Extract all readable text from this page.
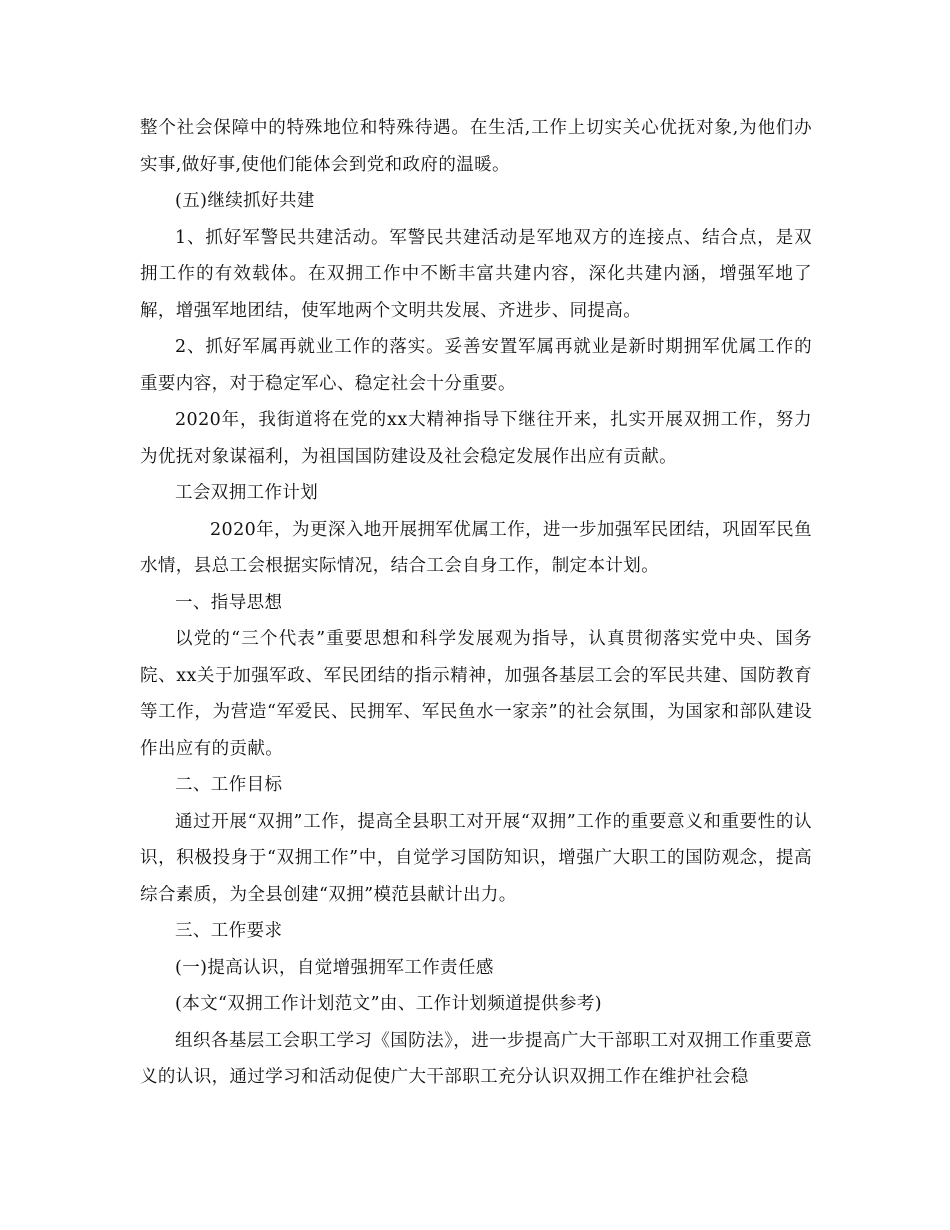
整个社会保障中的特殊地位和特殊待遇。在生活,工作上切实关心优抚对象,为他们办实事,做好事,使他们能体会到党和政府的温暖。

(五)继续抓好共建

1、抓好军警民共建活动。军警民共建活动是军地双方的连接点、结合点，是双拥工作的有效载体。在双拥工作中不断丰富共建内容，深化共建内涵，增强军地了解，增强军地团结，使军地两个文明共发展、齐进步、同提高。

2、抓好军属再就业工作的落实。妥善安置军属再就业是新时期拥军优属工作的重要内容，对于稳定军心、稳定社会十分重要。

2020年，我街道将在党的xx大精神指导下继往开来，扎实开展双拥工作，努力为优抚对象谋福利，为祖国国防建设及社会稳定发展作出应有贡献。

工会双拥工作计划

2020年，为更深入地开展拥军优属工作，进一步加强军民团结，巩固军民鱼水情，县总工会根据实际情况，结合工会自身工作，制定本计划。

一、指导思想

以党的“三个代表”重要思想和科学发展观为指导，认真贯彻落实党中央、国务院、xx关于加强军政、军民团结的指示精神，加强各基层工会的军民共建、国防教育等工作，为营造“军爱民、民拥军、军民鱼水一家亲”的社会氛围，为国家和部队建设作出应有的贡献。

二、工作目标

通过开展“双拥”工作，提高全县职工对开展“双拥”工作的重要意义和重要性的认识，积极投身于“双拥工作”中，自觉学习国防知识，增强广大职工的国防观念，提高综合素质，为全县创建“双拥”模范县献计出力。

三、工作要求

(一)提高认识，自觉增强拥军工作责任感

(本文“双拥工作计划范文”由、工作计划频道提供参考)

组织各基层工会职工学习《国防法》，进一步提高广大干部职工对双拥工作重要意义的认识，通过学习和活动促使广大干部职工充分认识双拥工作在维护社会稳
